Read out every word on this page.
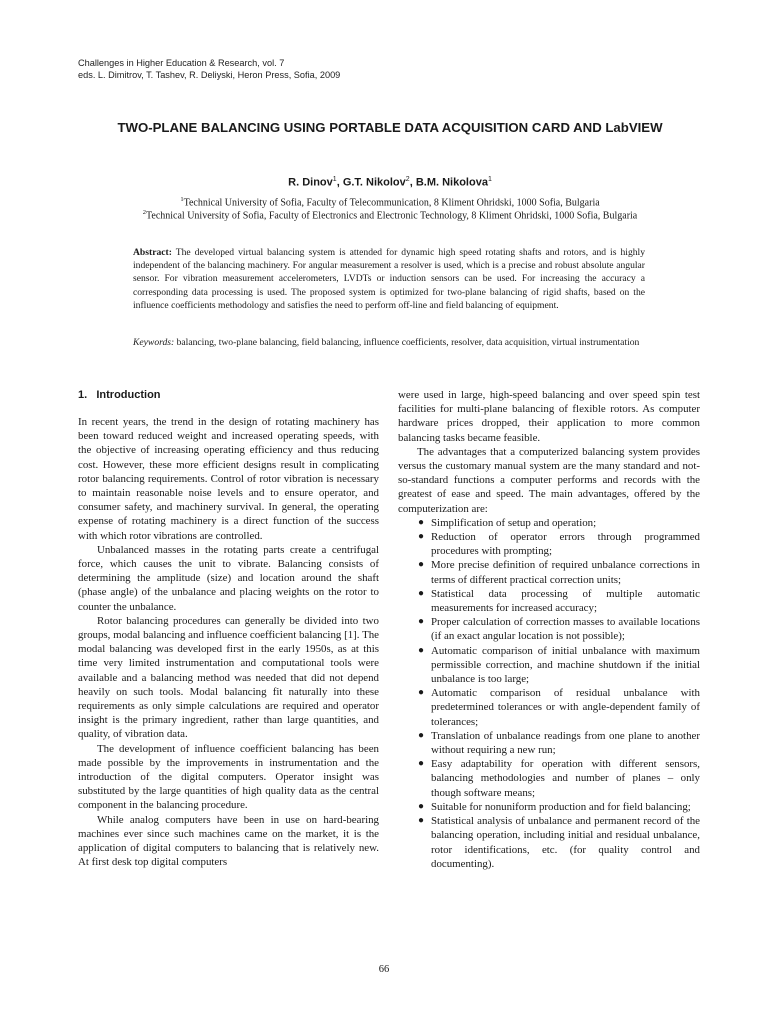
Challenges in Higher Education & Research, vol. 7
eds. L. Dimitrov, T. Tashev, R. Deliyski, Heron Press, Sofia, 2009
TWO-PLANE BALANCING USING PORTABLE DATA ACQUISITION CARD AND LabVIEW
R. Dinov$^1$, G.T. Nikolov$^2$, B.M. Nikolova$^1$
$^1$Technical University of Sofia, Faculty of Telecommunication, 8 Kliment Ohridski, 1000 Sofia, Bulgaria
$^2$Technical University of Sofia, Faculty of Electronics and Electronic Technology, 8 Kliment Ohridski, 1000 Sofia, Bulgaria
Abstract: The developed virtual balancing system is attended for dynamic high speed rotating shafts and rotors, and is highly independent of the balancing machinery. For angular measurement a resolver is used, which is a precise and robust absolute angular sensor. For vibration measurement accelerometers, LVDTs or induction sensors can be used. For increasing the accuracy a corresponding data processing is used. The proposed system is optimized for two-plane balancing of rigid shafts, based on the influence coefficients methodology and satisfies the need to perform off-line and field balancing of equipment.
Keywords: balancing, two-plane balancing, field balancing, influence coefficients, resolver, data acquisition, virtual instrumentation
1. Introduction

In recent years, the trend in the design of rotating machinery has been toward reduced weight and increased operating speeds, with the objective of increasing operating efficiency and thus reducing cost. However, these more efficient designs result in complicating rotor balancing requirements. Control of rotor vibration is necessary to maintain reasonable noise levels and to ensure operator, and consumer safety, and machinery survival. In general, the operating expense of rotating machinery is a direct function of the success with which rotor vibrations are controlled.

Unbalanced masses in the rotating parts create a centrifugal force, which causes the unit to vibrate. Balancing consists of determining the amplitude (size) and location around the shaft (phase angle) of the unbalance and placing weights on the rotor to counter the unbalance.

Rotor balancing procedures can generally be divided into two groups, modal balancing and influence coefficient balancing [1]. The modal balancing was developed first in the early 1950s, as at this time very limited instrumentation and computational tools were available and a balancing method was needed that did not depend heavily on such tools. Modal balancing fit naturally into these requirements as only simple calculations are required and operator insight is the primary ingredient, rather than large quantities, and quality, of vibration data.

The development of influence coefficient balancing has been made possible by the improvements in instrumentation and the introduction of the digital computers. Operator insight was substituted by the large quantities of high quality data as the central component in the balancing procedure.

While analog computers have been in use on hard-bearing machines ever since such machines came on the market, it is the application of digital computers to balancing that is relatively new. At first desk top digital computers

were used in large, high-speed balancing and over speed spin test facilities for multi-plane balancing of flexible rotors. As computer hardware prices dropped, their application to more common balancing tasks became feasible.

The advantages that a computerized balancing system provides versus the customary manual system are the many standard and not-so-standard functions a computer performs and records with the greatest of ease and speed. The main advantages, offered by the computerization are:

● Simplification of setup and operation;
● Reduction of operator errors through programmed procedures with prompting;
● More precise definition of required unbalance corrections in terms of different practical correction units;
● Statistical data processing of multiple automatic measurements for increased accuracy;
● Proper calculation of correction masses to available locations (if an exact angular location is not possible);
● Automatic comparison of initial unbalance with maximum permissible correction, and machine shutdown if the initial unbalance is too large;
● Automatic comparison of residual unbalance with predetermined tolerances or with angle-dependent family of tolerances;
● Translation of unbalance readings from one plane to another without requiring a new run;
● Easy adaptability for operation with different sensors, balancing methodologies and number of planes – only though software means;
● Suitable for nonuniform production and for field balancing;
● Statistical analysis of unbalance and permanent record of the balancing operation, including initial and residual unbalance, rotor identifications, etc. (for quality control and documenting).
66
